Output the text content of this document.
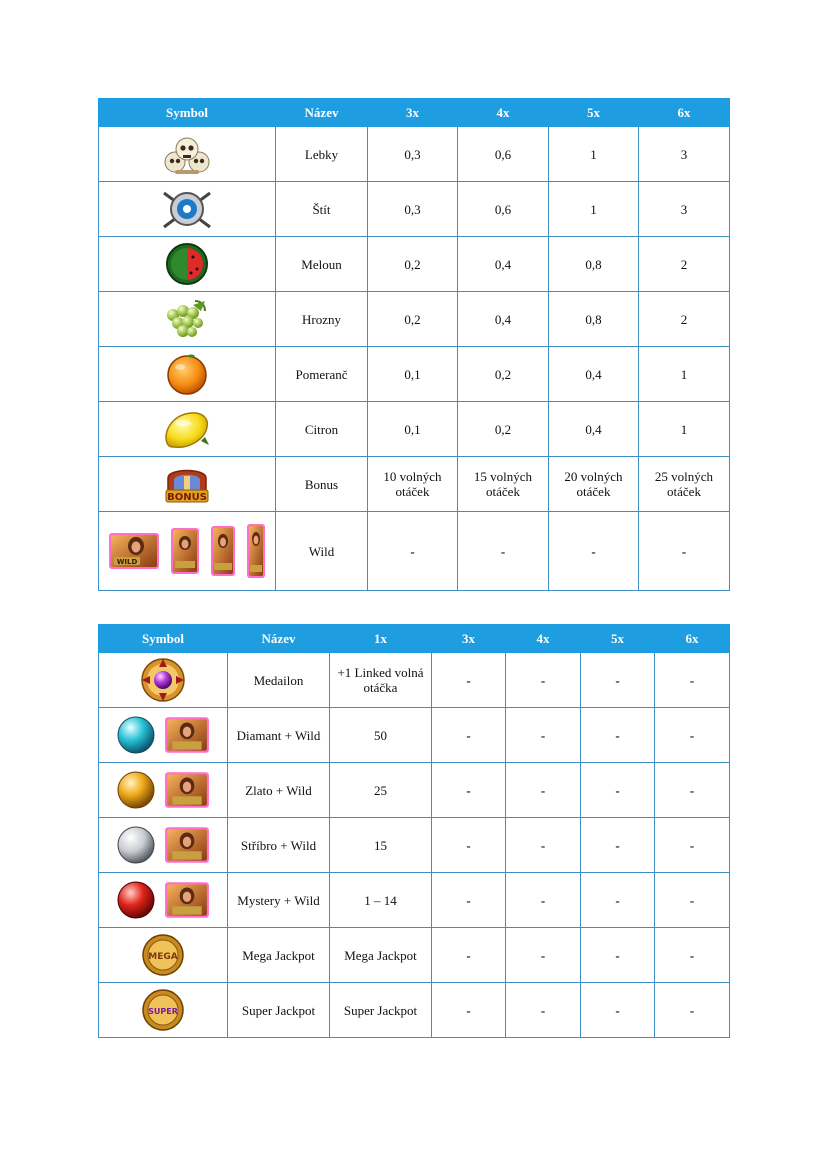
Symbol	Název	3x	4x	5x	6x

	Lebky	0,3	0,6	1	3

	Štít	0,3	0,6	1	3

	Meloun	0,2	0,4	0,8	2

	Hrozny	0,2	0,4	0,8	2

	Pomeranč	0,1	0,2	0,4	1

	Citron	0,1	0,2	0,4	1

BONUS	Bonus	10 volných otáček	15 volných otáček	20 volných otáček	25 volných otáček

WILD	Wild	-	-	-	-
Symbol	Název	1x	3x	4x	5x	6x

	Medailon	+1 Linked volná otáčka	-	-	-	-

	Diamant + Wild	50	-	-	-	-

	Zlato + Wild	25	-	-	-	-

	Stříbro + Wild	15	-	-	-	-

	Mystery + Wild	1 – 14	-	-	-	-

MEGA	Mega Jackpot	Mega Jackpot	-	-	-	-

SUPER	Super Jackpot	Super Jackpot	-	-	-	-
